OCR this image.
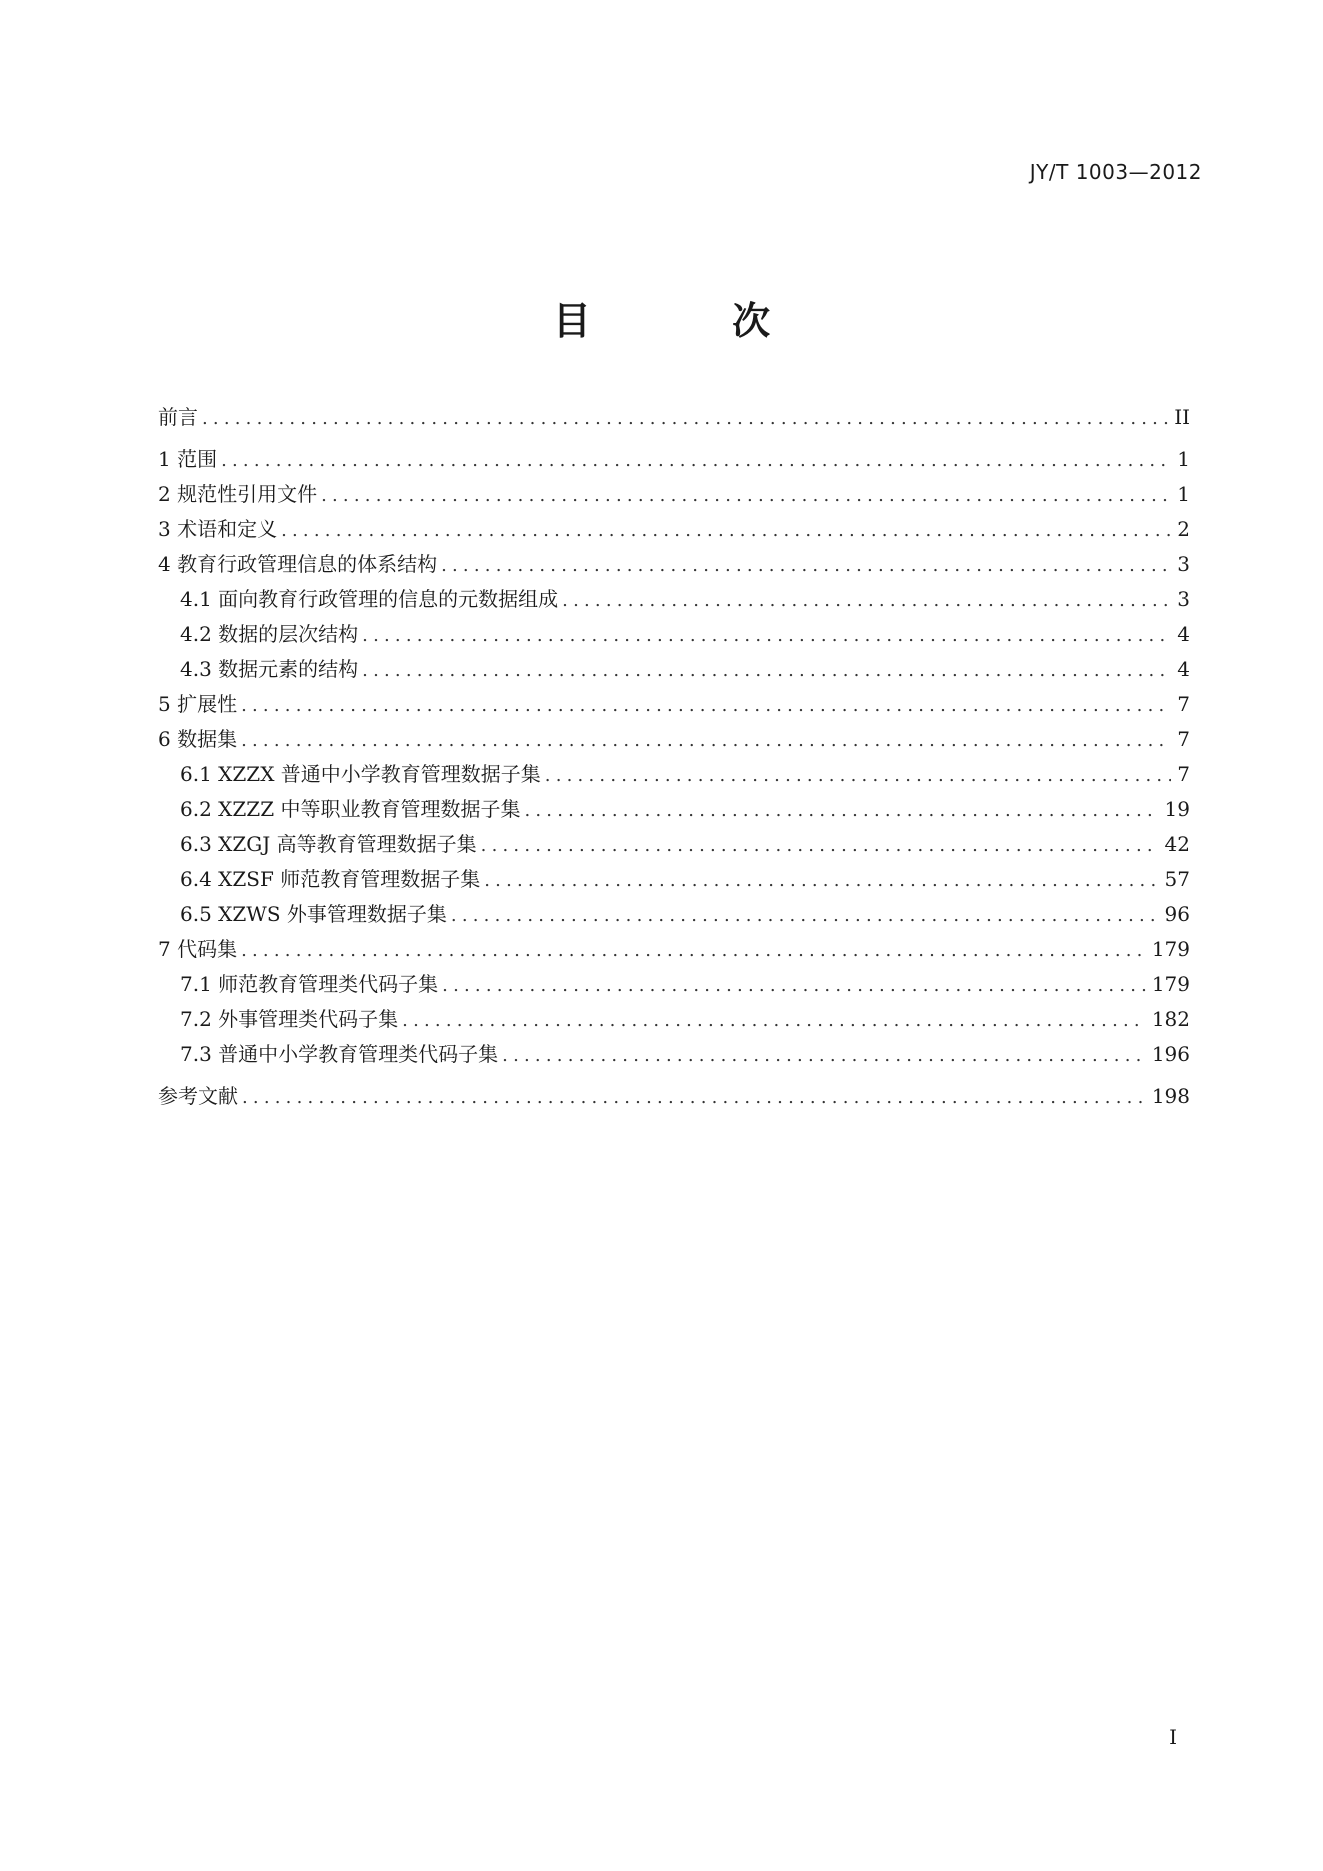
JY/T 1003—2012
目 次
前言 .....	II
1 范围 .....	1
2 规范性引用文件 .....	1
3 术语和定义 .....	2
4 教育行政管理信息的体系结构 .....	3
4.1 面向教育行政管理的信息的元数据组成 .....	3
4.2 数据的层次结构 .....	4
4.3 数据元素的结构 .....	4
5 扩展性 .....	7
6 数据集 .....	7
6.1 XZZX 普通中小学教育管理数据子集 .....	7
6.2 XZZZ 中等职业教育管理数据子集 .....	19
6.3 XZGJ 高等教育管理数据子集 .....	42
6.4 XZSF 师范教育管理数据子集 .....	57
6.5 XZWS 外事管理数据子集 .....	96
7 代码集 .....	179
7.1 师范教育管理类代码子集 .....	179
7.2 外事管理类代码子集 .....	182
7.3 普通中小学教育管理类代码子集 .....	196
参考文献 .....	198
I
